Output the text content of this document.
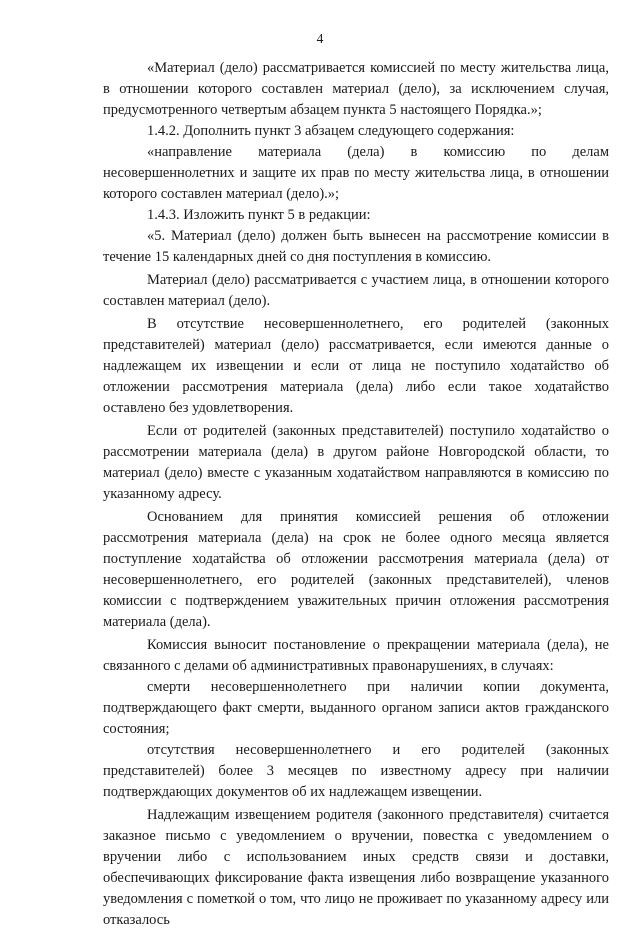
4

«Материал (дело) рассматривается комиссией по месту жительства лица, в отношении которого составлен материал (дело), за исключением случая, предусмотренного четвертым абзацем пункта 5 настоящего Порядка.»;

1.4.2. Дополнить пункт 3 абзацем следующего содержания:

«направление материала (дела) в комиссию по делам несовершеннолетних и защите их прав по месту жительства лица, в отношении которого составлен материал (дело).»;

1.4.3. Изложить пункт 5 в редакции:

«5. Материал (дело) должен быть вынесен на рассмотрение комиссии в течение 15 календарных дней со дня поступления в комиссию.

Материал (дело) рассматривается с участием лица, в отношении которого составлен материал (дело).

В отсутствие несовершеннолетнего, его родителей (законных представителей) материал (дело) рассматривается, если имеются данные о надлежащем их извещении и если от лица не поступило ходатайство об отложении рассмотрения материала (дела) либо если такое ходатайство оставлено без удовлетворения.

Если от родителей (законных представителей) поступило ходатайство о рассмотрении материала (дела) в другом районе Новгородской области, то материал (дело) вместе с указанным ходатайством направляются в комиссию по указанному адресу.

Основанием для принятия комиссией решения об отложении рассмотрения материала (дела) на срок не более одного месяца является поступление ходатайства об отложении рассмотрения материала (дела) от несовершеннолетнего, его родителей (законных представителей), членов комиссии с подтверждением уважительных причин отложения рассмотрения материала (дела).

Комиссия выносит постановление о прекращении материала (дела), не связанного с делами об административных правонарушениях, в случаях:

смерти несовершеннолетнего при наличии копии документа, подтверждающего факт смерти, выданного органом записи актов гражданского состояния;

отсутствия несовершеннолетнего и его родителей (законных представителей) более 3 месяцев по известному адресу при наличии подтверждающих документов об их надлежащем извещении.

Надлежащим извещением родителя (законного представителя) считается заказное письмо с уведомлением о вручении, повестка с уведомлением о вручении либо с использованием иных средств связи и доставки, обеспечивающих фиксирование факта извещения либо возвращение указанного уведомления с пометкой о том, что лицо не проживает по указанному адресу или отказалось
